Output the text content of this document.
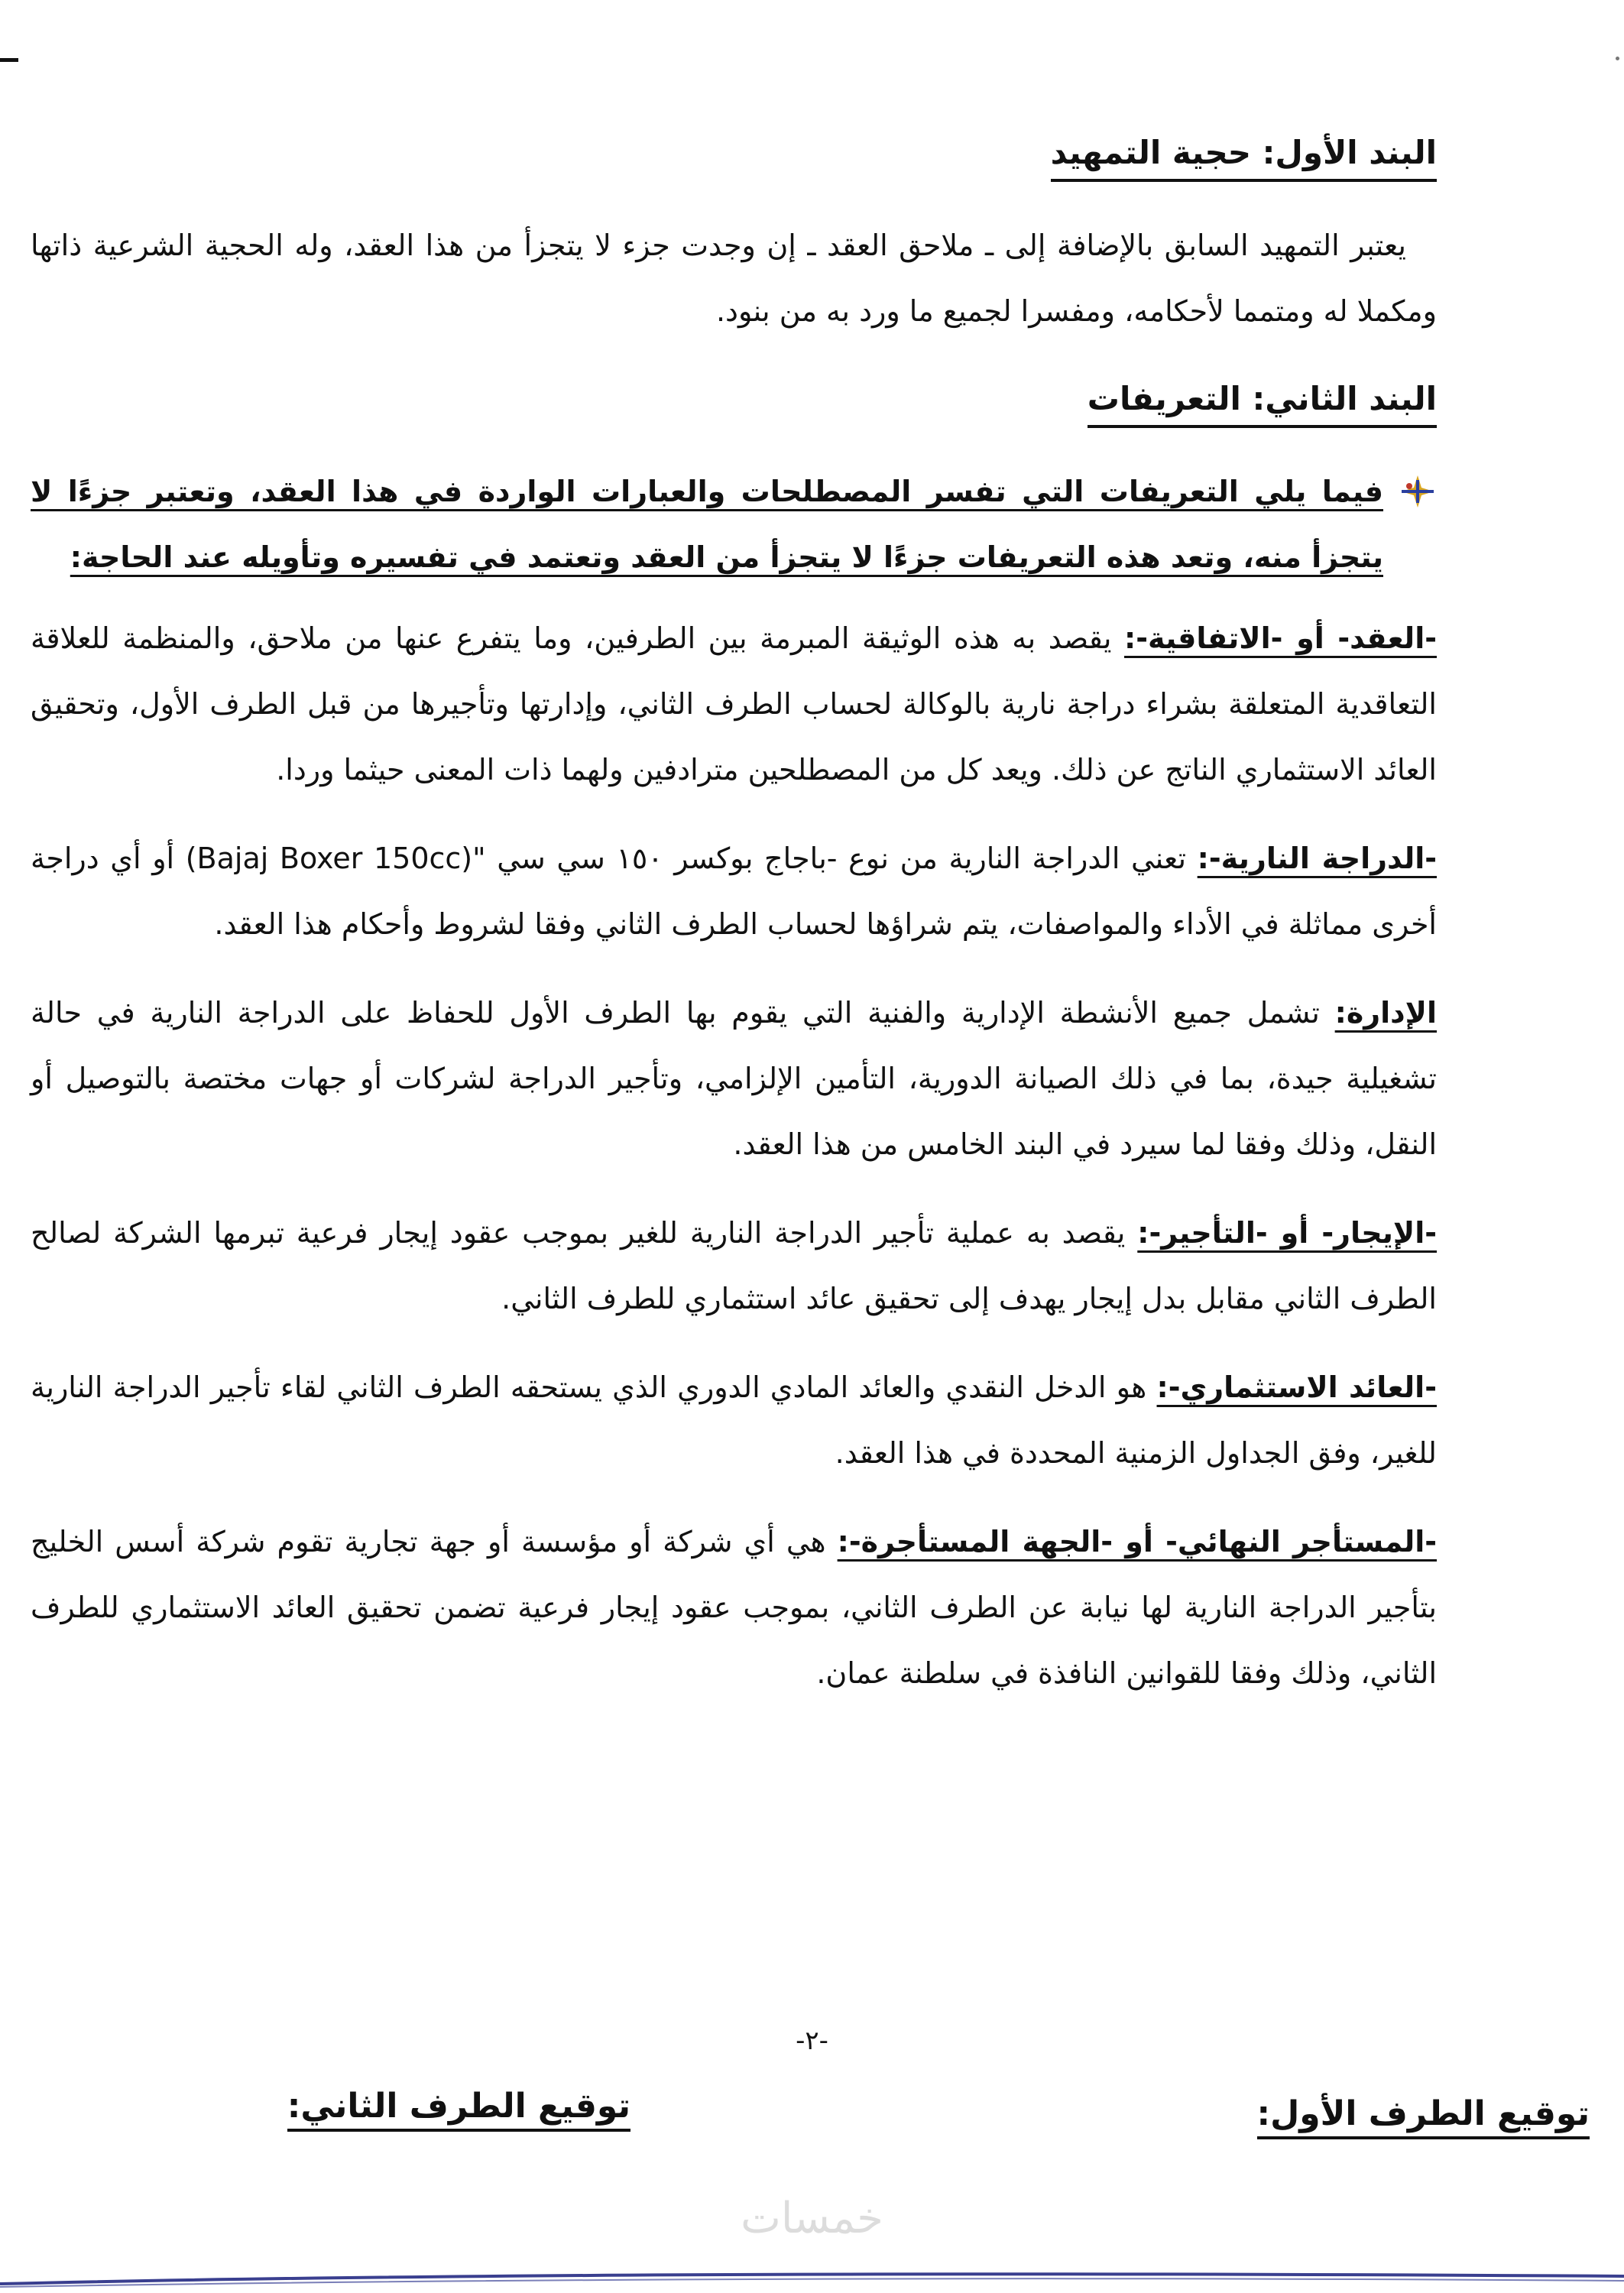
البند الأول: حجية التمهيد

يعتبر التمهيد السابق بالإضافة إلى ـ ملاحق العقد ـ إن وجدت جزء لا يتجزأ من هذا العقد، وله الحجية الشرعية ذاتها ومكملا له ومتمما لأحكامه، ومفسرا لجميع ما ورد به من بنود.

البند الثاني: التعريفات
فيما يلي التعريفات التي تفسر المصطلحات والعبارات الواردة في هذا العقد، وتعتبر جزءًا لا يتجزأ منه، وتعد هذه التعريفات جزءًا لا يتجزأ من العقد وتعتمد في تفسيره وتأويله عند الحاجة:

-العقد- أو -الاتفاقية-: يقصد به هذه الوثيقة المبرمة بين الطرفين، وما يتفرع عنها من ملاحق، والمنظمة للعلاقة التعاقدية المتعلقة بشراء دراجة نارية بالوكالة لحساب الطرف الثاني، وإدارتها وتأجيرها من قبل الطرف الأول، وتحقيق العائد الاستثماري الناتج عن ذلك. ويعد كل من المصطلحين مترادفين ولهما ذات المعنى حيثما وردا.

-الدراجة النارية-: تعني الدراجة النارية من نوع -باجاج بوكسر ١٥٠ سي سي "(Bajaj Boxer 150cc) أو أي دراجة أخرى مماثلة في الأداء والمواصفات، يتم شراؤها لحساب الطرف الثاني وفقا لشروط وأحكام هذا العقد.

الإدارة: تشمل جميع الأنشطة الإدارية والفنية التي يقوم بها الطرف الأول للحفاظ على الدراجة النارية في حالة تشغيلية جيدة، بما في ذلك الصيانة الدورية، التأمين الإلزامي، وتأجير الدراجة لشركات أو جهات مختصة بالتوصيل أو النقل، وذلك وفقا لما سيرد في البند الخامس من هذا العقد.

-الإيجار- أو -التأجير-: يقصد به عملية تأجير الدراجة النارية للغير بموجب عقود إيجار فرعية تبرمها الشركة لصالح الطرف الثاني مقابل بدل إيجار يهدف إلى تحقيق عائد استثماري للطرف الثاني.

-العائد الاستثماري-: هو الدخل النقدي والعائد المادي الدوري الذي يستحقه الطرف الثاني لقاء تأجير الدراجة النارية للغير، وفق الجداول الزمنية المحددة في هذا العقد.

-المستأجر النهائي- أو -الجهة المستأجرة-: هي أي شركة أو مؤسسة أو جهة تجارية تقوم شركة أسس الخليج بتأجير الدراجة النارية لها نيابة عن الطرف الثاني، بموجب عقود إيجار فرعية تضمن تحقيق العائد الاستثماري للطرف الثاني، وذلك وفقا للقوانين النافذة في سلطنة عمان.

-٢-
توقيع الطرف الثاني:	توقيع الطرف الأول:
خمسات
